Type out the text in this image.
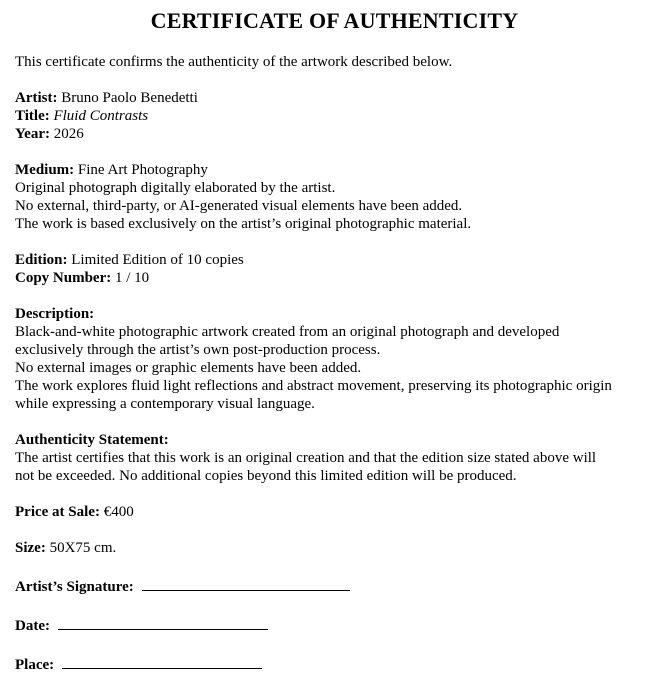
CERTIFICATE OF AUTHENTICITY

This certificate confirms the authenticity of the artwork described below.

Artist: Bruno Paolo Benedetti

Title: Fluid Contrasts

Year: 2026

Medium: Fine Art Photography

Original photograph digitally elaborated by the artist.

No external, third-party, or AI-generated visual elements have been added.

The work is based exclusively on the artist’s original photographic material.

Edition: Limited Edition of 10 copies

Copy Number: 1 / 10

Description:

Black-and-white photographic artwork created from an original photograph and developed

exclusively through the artist’s own post-production process.

No external images or graphic elements have been added.

The work explores fluid light reflections and abstract movement, preserving its photographic origin

while expressing a contemporary visual language.

Authenticity Statement:

The artist certifies that this work is an original creation and that the edition size stated above will

not be exceeded. No additional copies beyond this limited edition will be produced.

Price at Sale: €400

Size: 50X75 cm.

Artist’s Signature:

Date:

Place:
